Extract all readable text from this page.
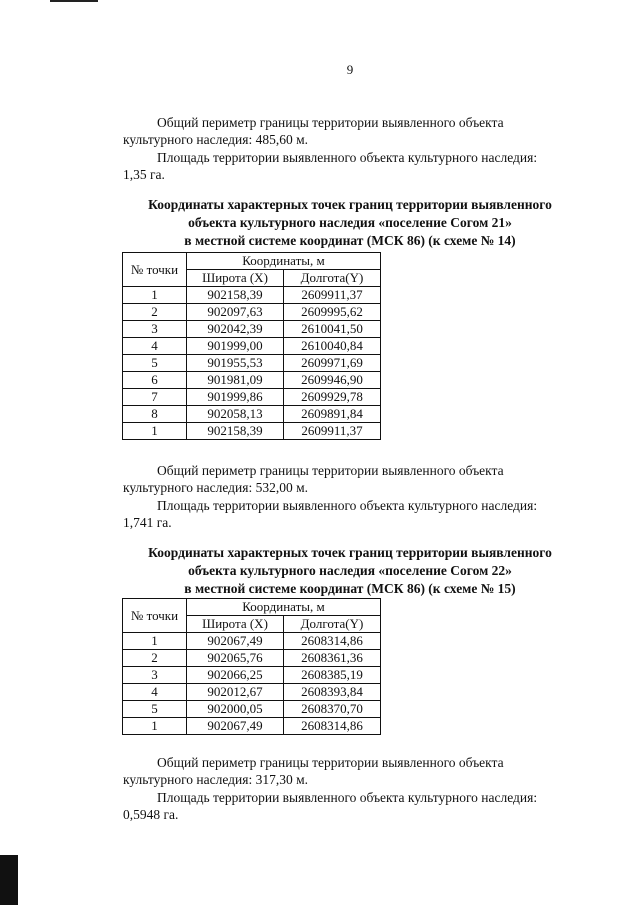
9

Общий периметр границы территории выявленного объекта
культурного наследия: 485,60 м.

Площадь территории выявленного объекта культурного наследия:
1,35 га.

Координаты характерных точек границ территории выявленного
объекта культурного наследия «поселение Согом 21»
в местной системе координат (МСК 86) (к схеме № 14)
№ точки	Координаты, м	
	Широта (X)	Долгота(Y)
1	902158,39	2609911,37
2	902097,63	2609995,62
3	902042,39	2610041,50
4	901999,00	2610040,84
5	901955,53	2609971,69
6	901981,09	2609946,90
7	901999,86	2609929,78
8	902058,13	2609891,84
1	902158,39	2609911,37

Общий периметр границы территории выявленного объекта
культурного наследия: 532,00 м.

Площадь территории выявленного объекта культурного наследия:
1,741 га.

Координаты характерных точек границ территории выявленного
объекта культурного наследия «поселение Согом 22»
в местной системе координат (МСК 86) (к схеме № 15)
№ точки	Координаты, м	
	Широта (X)	Долгота(Y)
1	902067,49	2608314,86
2	902065,76	2608361,36
3	902066,25	2608385,19
4	902012,67	2608393,84
5	902000,05	2608370,70
1	902067,49	2608314,86

Общий периметр границы территории выявленного объекта
культурного наследия: 317,30 м.

Площадь территории выявленного объекта культурного наследия:
0,5948 га.
